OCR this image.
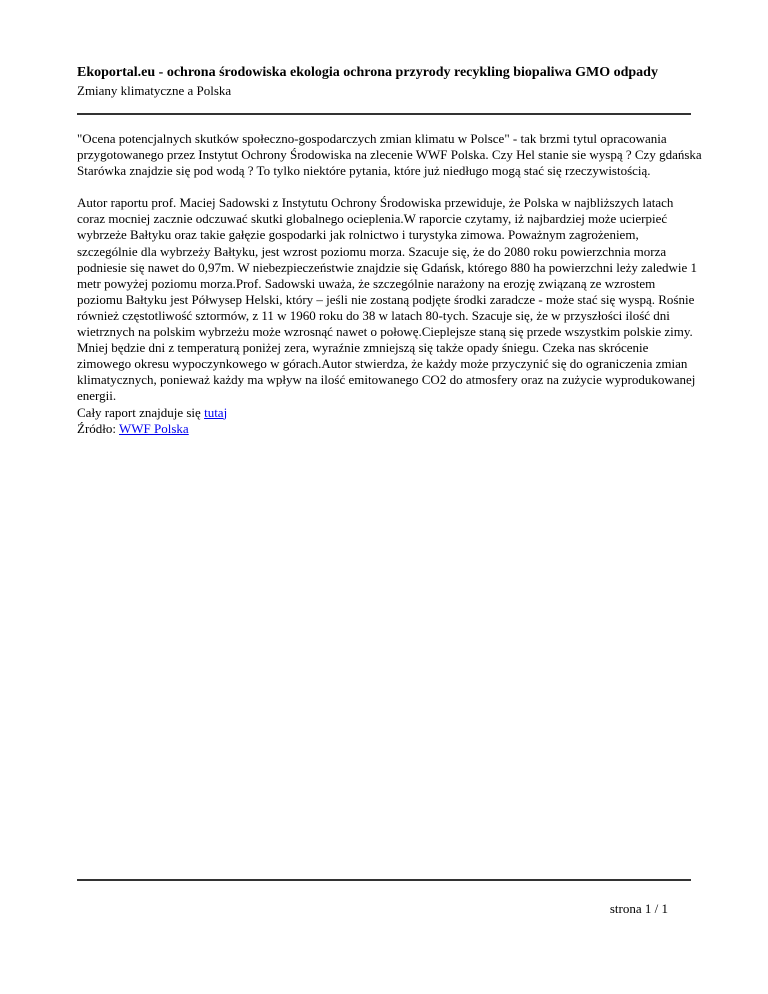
Ekoportal.eu - ochrona środowiska ekologia ochrona przyrody recykling biopaliwa GMO odpady

Zmiany klimatyczne a Polska

"Ocena potencjalnych skutków społeczno-gospodarczych zmian klimatu w Polsce" - tak brzmi tytul opracowania przygotowanego przez Instytut Ochrony Środowiska na zlecenie WWF Polska. Czy Hel stanie sie wyspą ? Czy gdańska Starówka znajdzie się pod wodą ? To tylko niektóre pytania, które już niedługo mogą stać się rzeczywistością.

Autor raportu prof. Maciej Sadowski z Instytutu Ochrony Środowiska przewiduje, że Polska w najbliższych latach coraz mocniej zacznie odczuwać skutki globalnego ocieplenia.W raporcie czytamy, iż najbardziej może ucierpieć wybrzeże Bałtyku oraz takie gałęzie gospodarki jak rolnictwo i turystyka zimowa. Poważnym zagrożeniem, szczególnie dla wybrzeży Bałtyku, jest wzrost poziomu morza. Szacuje się, że do 2080 roku powierzchnia morza podniesie się nawet do 0,97m. W niebezpieczeństwie znajdzie się Gdańsk, którego 880 ha powierzchni leży zaledwie 1 metr powyżej poziomu morza.Prof. Sadowski uważa, że szczególnie narażony na erozję związaną ze wzrostem poziomu Bałtyku jest Półwysep Helski, który – jeśli nie zostaną podjęte środki zaradcze - może stać się wyspą. Rośnie również częstotliwość sztormów, z 11 w 1960 roku do 38 w latach 80-tych. Szacuje się, że w przyszłości ilość dni wietrznych na polskim wybrzeżu może wzrosnąć nawet o połowę.Cieplejsze staną się przede wszystkim polskie zimy. Mniej będzie dni z temperaturą poniżej zera, wyraźnie zmniejszą się także opady śniegu. Czeka nas skrócenie zimowego okresu wypoczynkowego w górach.Autor stwierdza, że każdy może przyczynić się do ograniczenia zmian klimatycznych, ponieważ każdy ma wpływ na ilość emitowanego CO2 do atmosfery oraz na zużycie wyprodukowanej energii.

Cały raport znajduje się tutaj

Źródło: WWF Polska

strona 1 / 1
